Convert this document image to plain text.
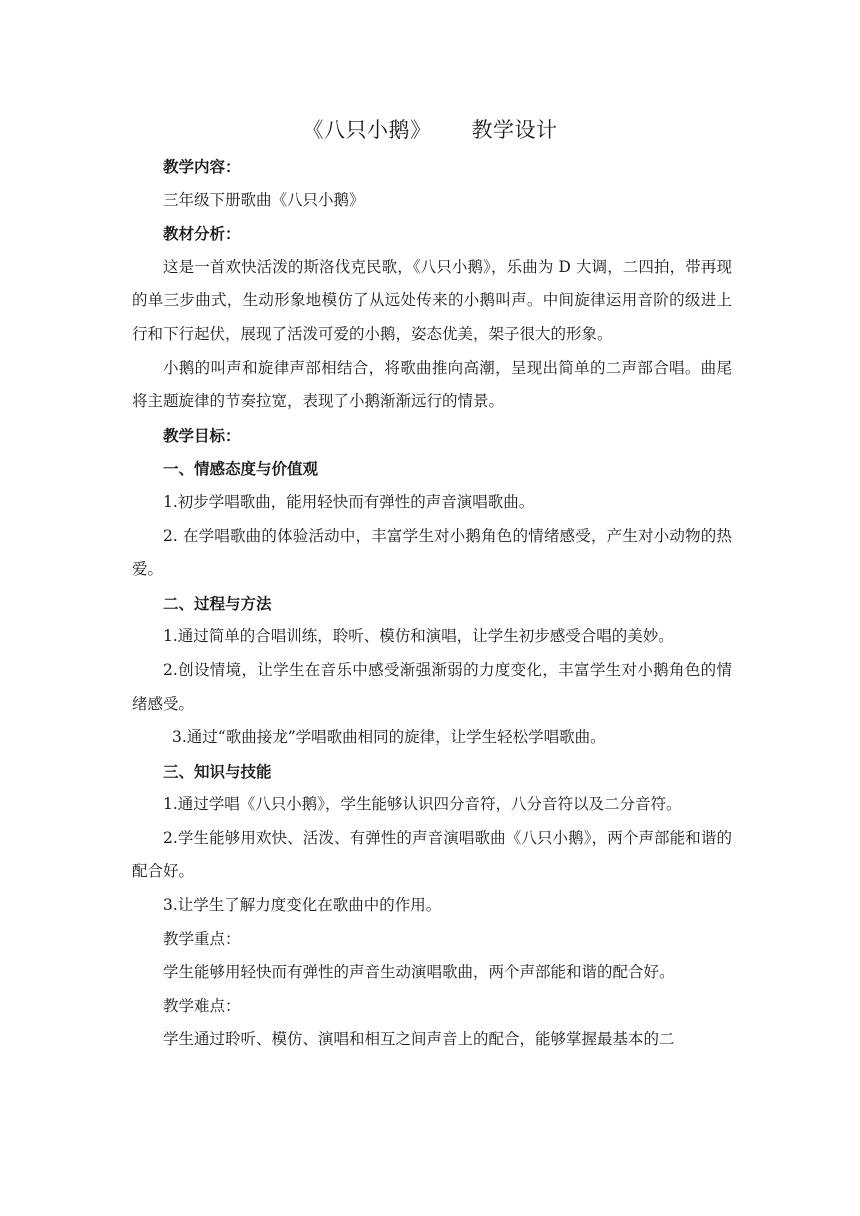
《八只小鹅》 教学设计

教学内容：

三年级下册歌曲《八只小鹅》

教材分析：

这是一首欢快活泼的斯洛伐克民歌，《八只小鹅》，乐曲为 D 大调，二四拍，带再现的单三步曲式，生动形象地模仿了从远处传来的小鹅叫声。中间旋律运用音阶的级进上行和下行起伏，展现了活泼可爱的小鹅，姿态优美，架子很大的形象。

小鹅的叫声和旋律声部相结合，将歌曲推向高潮，呈现出简单的二声部合唱。曲尾将主题旋律的节奏拉宽，表现了小鹅渐渐远行的情景。

教学目标：

一、情感态度与价值观

1.初步学唱歌曲，能用轻快而有弹性的声音演唱歌曲。

2. 在学唱歌曲的体验活动中，丰富学生对小鹅角色的情绪感受，产生对小动物的热爱。

二、过程与方法

1.通过简单的合唱训练，聆听、模仿和演唱，让学生初步感受合唱的美妙。

2.创设情境，让学生在音乐中感受渐强渐弱的力度变化，丰富学生对小鹅角色的情绪感受。

3.通过“歌曲接龙”学唱歌曲相同的旋律，让学生轻松学唱歌曲。

三、知识与技能

1.通过学唱《八只小鹅》，学生能够认识四分音符，八分音符以及二分音符。

2.学生能够用欢快、活泼、有弹性的声音演唱歌曲《八只小鹅》，两个声部能和谐的配合好。

3.让学生了解力度变化在歌曲中的作用。

教学重点：

学生能够用轻快而有弹性的声音生动演唱歌曲，两个声部能和谐的配合好。

教学难点：

学生通过聆听、模仿、演唱和相互之间声音上的配合，能够掌握最基本的二
